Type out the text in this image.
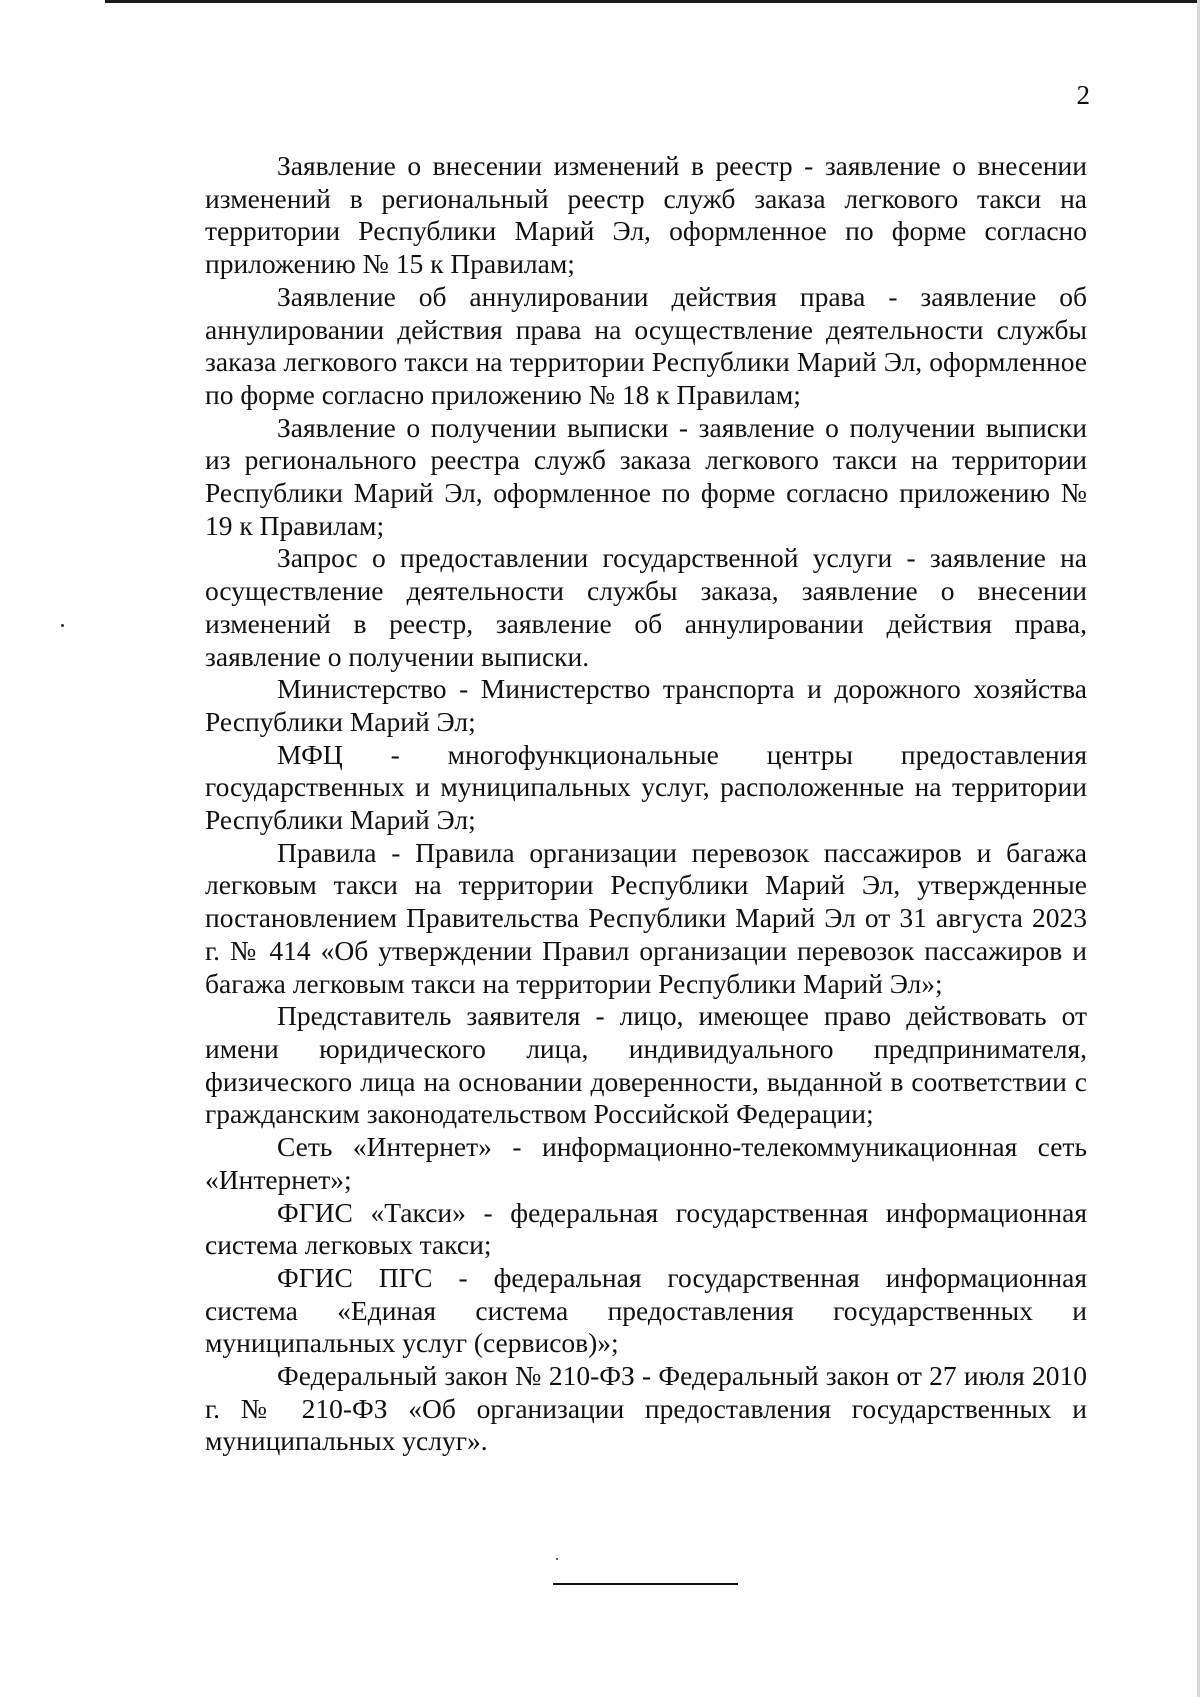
2

Заявление о внесении изменений в реестр - заявление о внесении изменений в региональный реестр служб заказа легкового такси на территории Республики Марий Эл, оформленное по форме согласно приложению № 15 к Правилам;

Заявление об аннулировании действия права - заявление об аннулировании действия права на осуществление деятельности службы заказа легкового такси на территории Республики Марий Эл, оформленное по форме согласно приложению № 18 к Правилам;

Заявление о получении выписки - заявление о получении выписки из регионального реестра служб заказа легкового такси на территории Республики Марий Эл, оформленное по форме согласно приложению № 19 к Правилам;

Запрос о предоставлении государственной услуги - заявление на осуществление деятельности службы заказа, заявление о внесении изменений в реестр, заявление об аннулировании действия права, заявление о получении выписки.

Министерство - Министерство транспорта и дорожного хозяйства Республики Марий Эл;

МФЦ - многофункциональные центры предоставления государственных и муниципальных услуг, расположенные на территории Республики Марий Эл;

Правила - Правила организации перевозок пассажиров и багажа легковым такси на территории Республики Марий Эл, утвержденные постановлением Правительства Республики Марий Эл от 31 августа 2023 г. № 414 «Об утверждении Правил организации перевозок пассажиров и багажа легковым такси на территории Республики Марий Эл»;

Представитель заявителя - лицо, имеющее право действовать от имени юридического лица, индивидуального предпринимателя, физического лица на основании доверенности, выданной в соответствии с гражданским законодательством Российской Федерации;

Сеть «Интернет» - информационно-телекоммуникационная сеть «Интернет»;

ФГИС «Такси» - федеральная государственная информационная система легковых такси;

ФГИС ПГС - федеральная государственная информационная система «Единая система предоставления государственных и муниципальных услуг (сервисов)»;

Федеральный закон № 210-ФЗ - Федеральный закон от 27 июля 2010 г. № 210-ФЗ «Об организации предоставления государственных и муниципальных услуг».
